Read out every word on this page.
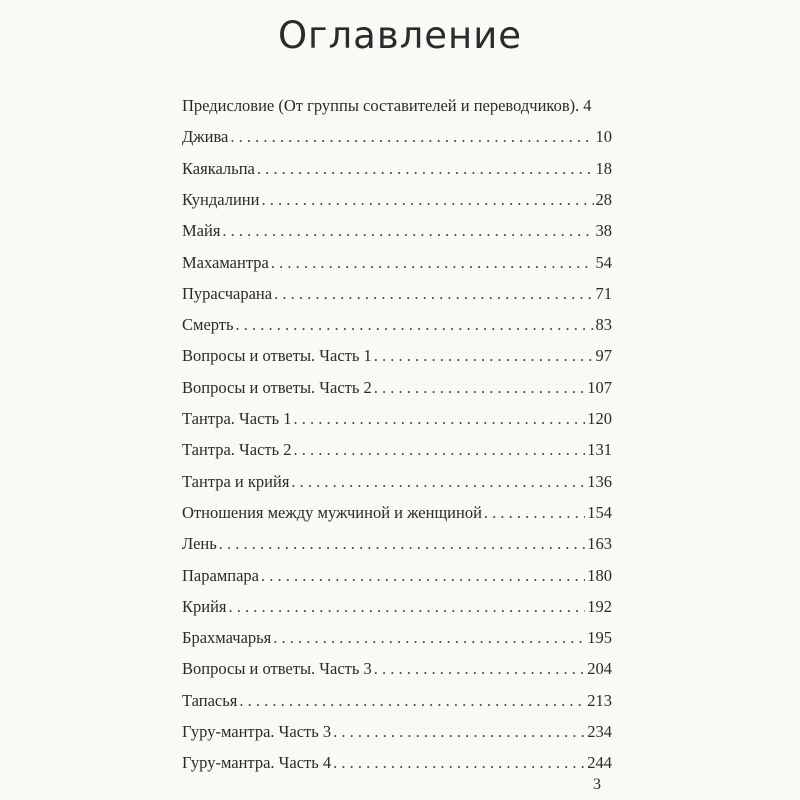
Оглавление
Предисловие (От группы составителей и переводчиков). 4
Джива . . .	10
Каякальпа . . .	18
Кундалини . . .	28
Майя . . .	38
Махамантра . . .	54
Пурасчарана . . .	71
Смерть . . .	83
Вопросы и ответы. Часть 1 . . .	97
Вопросы и ответы. Часть 2 . . .	107
Тантра. Часть 1 . . .	120
Тантра. Часть 2 . . .	131
Тантра и крийя . . .	136
Отношения между мужчиной и женщиной . . .	154
Лень . . .	163
Парампара . . .	180
Крийя . . .	192
Брахмачарья . . .	195
Вопросы и ответы. Часть 3 . . .	204
Тапасья . . .	213
Гуру-мантра. Часть 3 . . .	234
Гуру-мантра. Часть 4 . . .	244
3
